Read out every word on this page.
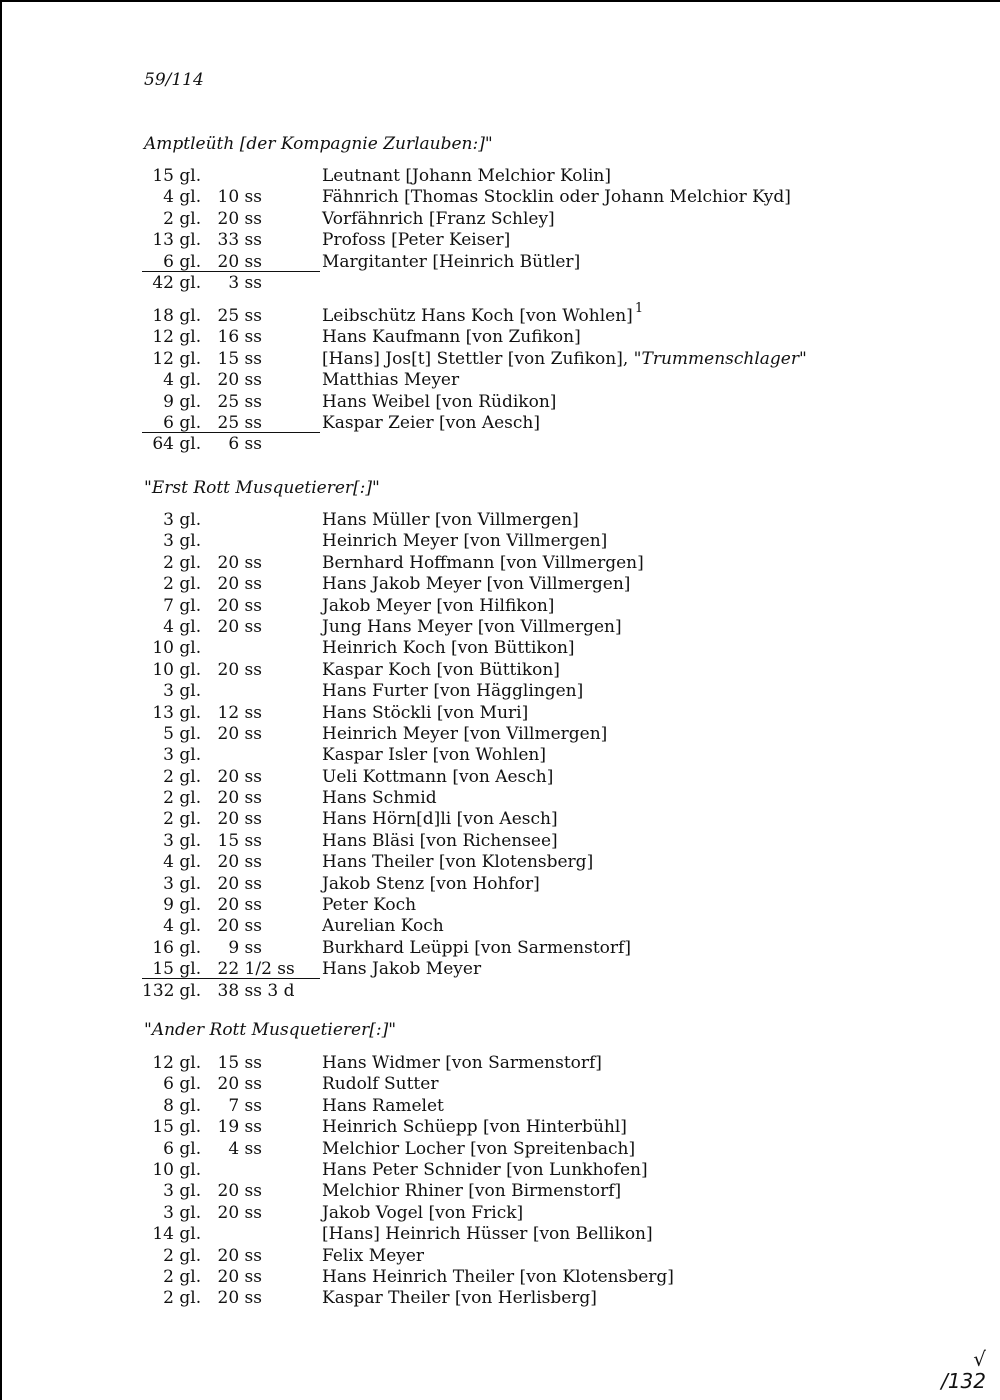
59/114
Amptleüth [der Kompagnie Zurlauben:]"
15 gl.	Leutnant [Johann Melchior Kolin]
4 gl. 10 ss	Fähnrich [Thomas Stocklin oder Johann Melchior Kyd]
2 gl. 20 ss	Vorfähnrich [Franz Schley]
13 gl. 33 ss	Profoss [Peter Keiser]
6 gl. 20 ss	Margitanter [Heinrich Bütler]
42 gl. 3 ss
18 gl. 25 ss	Leibschütz Hans Koch [von Wohlen] $^1$
12 gl. 16 ss	Hans Kaufmann [von Zufikon]
12 gl. 15 ss	[Hans] Jos[t] Stettler [von Zufikon], "Trummenschlager"
4 gl. 20 ss	Matthias Meyer
9 gl. 25 ss	Hans Weibel [von Rüdikon]
6 gl. 25 ss	Kaspar Zeier [von Aesch]
64 gl. 6 ss
"Erst Rott Musquetierer[:]"
3 gl.	Hans Müller [von Villmergen]
3 gl.	Heinrich Meyer [von Villmergen]
2 gl. 20 ss	Bernhard Hoffmann [von Villmergen]
2 gl. 20 ss	Hans Jakob Meyer [von Villmergen]
7 gl. 20 ss	Jakob Meyer [von Hilfikon]
4 gl. 20 ss	Jung Hans Meyer [von Villmergen]
10 gl.	Heinrich Koch [von Büttikon]
10 gl. 20 ss	Kaspar Koch [von Büttikon]
3 gl.	Hans Furter [von Hägglingen]
13 gl. 12 ss	Hans Stöckli [von Muri]
5 gl. 20 ss	Heinrich Meyer [von Villmergen]
3 gl.	Kaspar Isler [von Wohlen]
2 gl. 20 ss	Ueli Kottmann [von Aesch]
2 gl. 20 ss	Hans Schmid
2 gl. 20 ss	Hans Hörn[d]li [von Aesch]
3 gl. 15 ss	Hans Bläsi [von Richensee]
4 gl. 20 ss	Hans Theiler [von Klotensberg]
3 gl. 20 ss	Jakob Stenz [von Hohfor]
9 gl. 20 ss	Peter Koch
4 gl. 20 ss	Aurelian Koch
16 gl. 9 ss	Burkhard Leüppi [von Sarmenstorf]
15 gl. 22 1/2 ss	Hans Jakob Meyer
132 gl. 38 ss 3 d
"Ander Rott Musquetierer[:]"
12 gl. 15 ss	Hans Widmer [von Sarmenstorf]
6 gl. 20 ss	Rudolf Sutter
8 gl. 7 ss	Hans Ramelet
15 gl. 19 ss	Heinrich Schüepp [von Hinterbühl]
6 gl. 4 ss	Melchior Locher [von Spreitenbach]
10 gl.	Hans Peter Schnider [von Lunkhofen]
3 gl. 20 ss	Melchior Rhiner [von Birmenstorf]
3 gl. 20 ss	Jakob Vogel [von Frick]
14 gl.	[Hans] Heinrich Hüsser [von Bellikon]
2 gl. 20 ss	Felix Meyer
2 gl. 20 ss	Hans Heinrich Theiler [von Klotensberg]
2 gl. 20 ss	Kaspar Theiler [von Herlisberg]
√
/132
